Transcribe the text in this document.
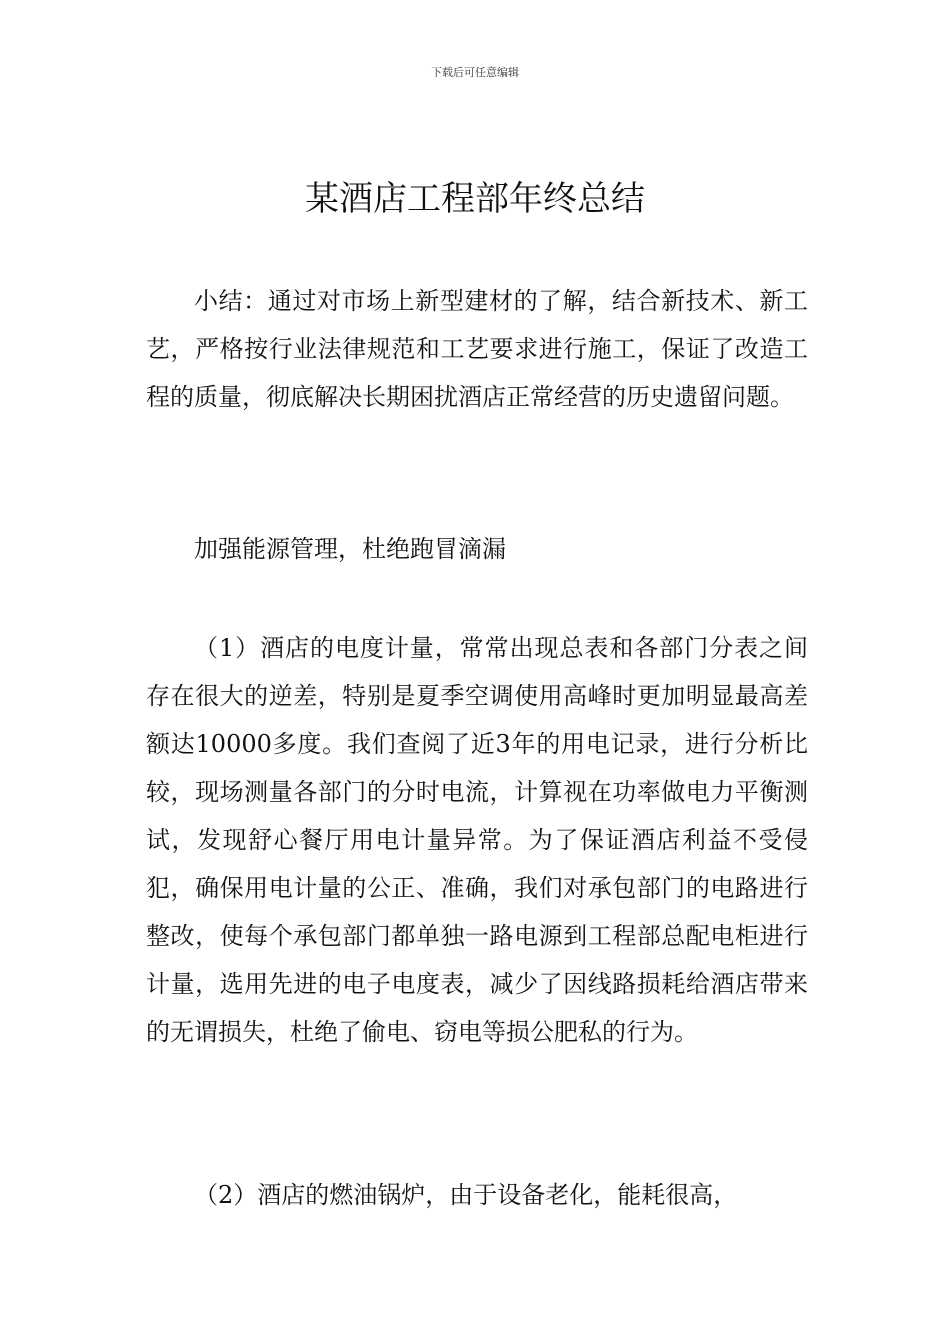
下载后可任意编辑
某酒店工程部年终总结

小结：通过对市场上新型建材的了解，结合新技术、新工艺，严格按行业法律规范和工艺要求进行施工，保证了改造工程的质量，彻底解决长期困扰酒店正常经营的历史遗留问题。

加强能源管理，杜绝跑冒滴漏

（1）酒店的电度计量，常常出现总表和各部门分表之间存在很大的逆差，特别是夏季空调使用高峰时更加明显最高差额达10000多度。我们查阅了近3年的用电记录，进行分析比较，现场测量各部门的分时电流，计算视在功率做电力平衡测试，发现舒心餐厅用电计量异常。为了保证酒店利益不受侵犯，确保用电计量的公正、准确，我们对承包部门的电路进行整改，使每个承包部门都单独一路电源到工程部总配电柜进行计量，选用先进的电子电度表，减少了因线路损耗给酒店带来的无谓损失，杜绝了偷电、窃电等损公肥私的行为。

（2）酒店的燃油锅炉，由于设备老化，能耗很高，
